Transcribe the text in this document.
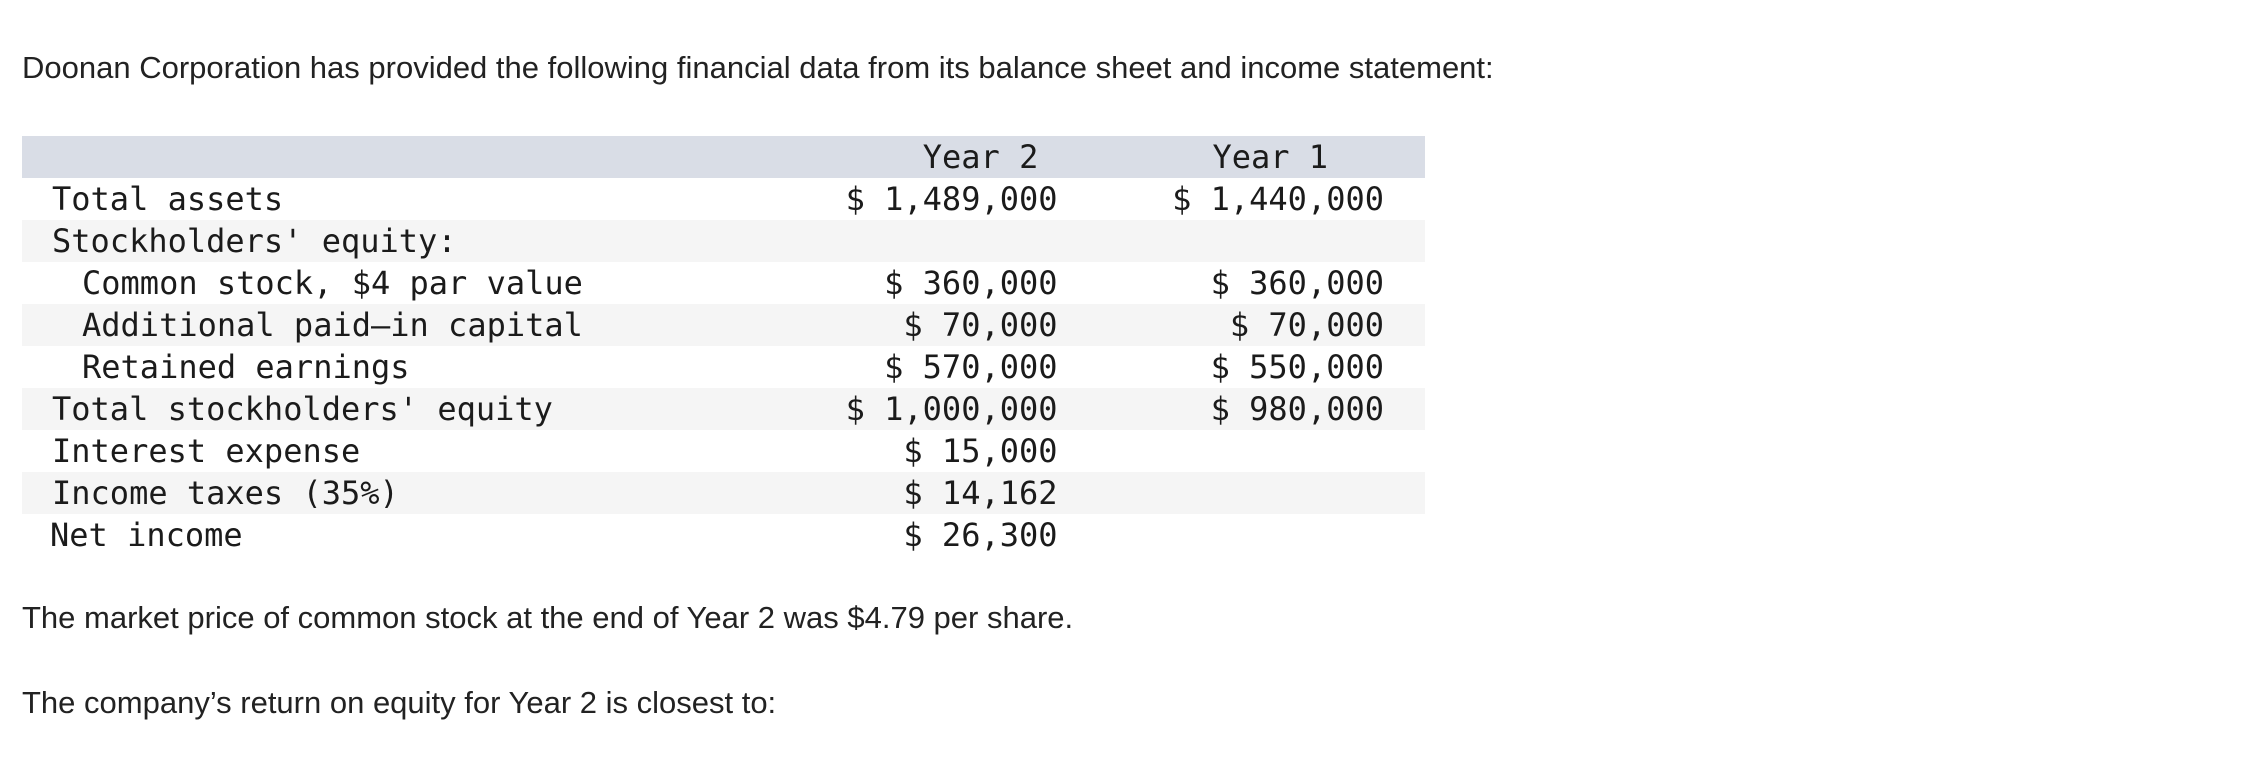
Doonan Corporation has provided the following financial data from its balance sheet and income statement:

	Year 2	Year 1
Total assets	$ 1,489,000	$ 1,440,000
Stockholders' equity:		
Common stock, $4 par value	$ 360,000	$ 360,000
Additional paid–in capital	$ 70,000	$ 70,000
Retained earnings	$ 570,000	$ 550,000
Total stockholders' equity	$ 1,000,000	$ 980,000
Interest expense	$ 15,000	
Income taxes (35%)	$ 14,162	
Net income	$ 26,300	

The market price of common stock at the end of Year 2 was $4.79 per share.

The company’s return on equity for Year 2 is closest to:
